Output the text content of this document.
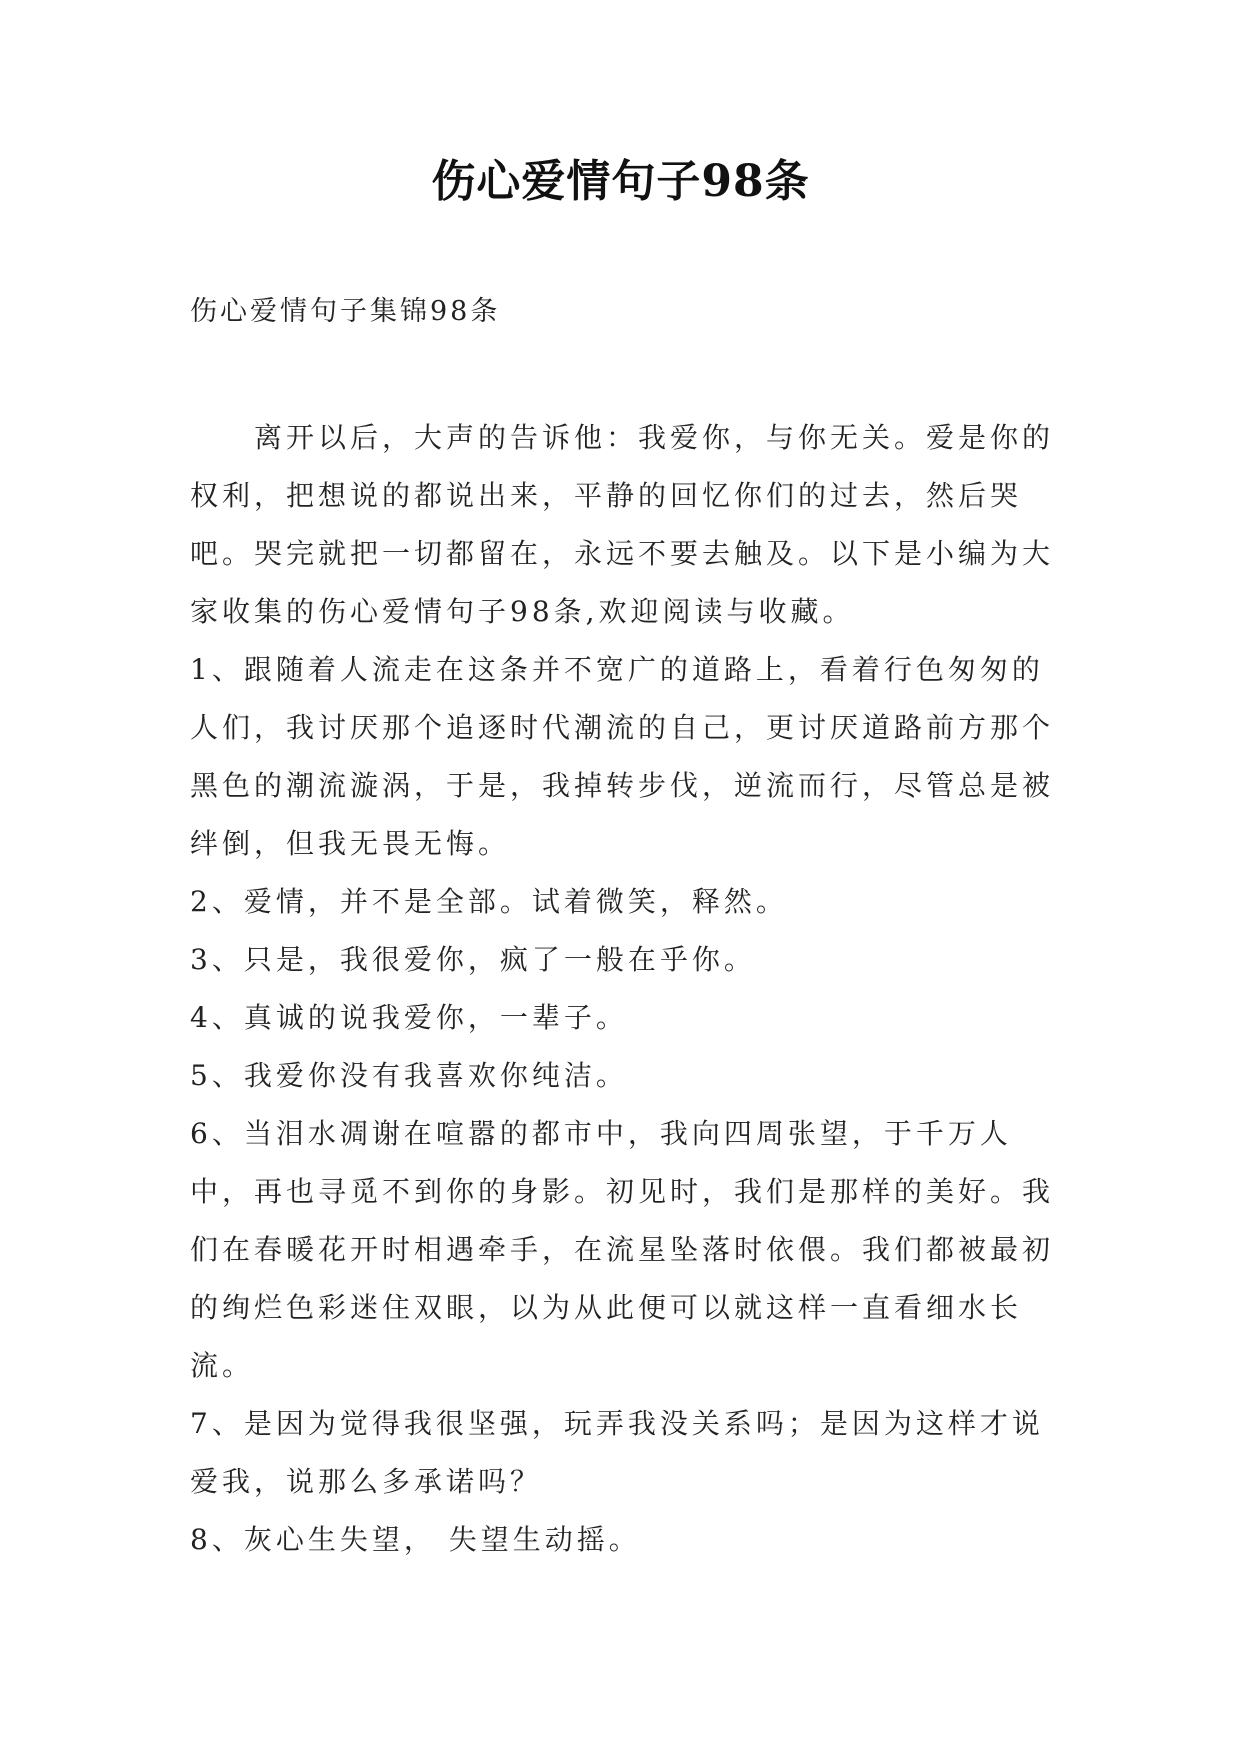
伤心爱情句子98条

伤心爱情句子集锦98条

离开以后，大声的告诉他：我爱你，与你无关。爱是你的权利，把想说的都说出来，平静的回忆你们的过去，然后哭吧。哭完就把一切都留在，永远不要去触及。以下是小编为大家收集的伤心爱情句子98条,欢迎阅读与收藏。

1、跟随着人流走在这条并不宽广的道路上，看着行色匆匆的人们，我讨厌那个追逐时代潮流的自己，更讨厌道路前方那个黑色的潮流漩涡，于是，我掉转步伐，逆流而行，尽管总是被绊倒，但我无畏无悔。

2、爱情，并不是全部。试着微笑，释然。

3、只是，我很爱你，疯了一般在乎你。

4、真诚的说我爱你，一辈子。

5、我爱你没有我喜欢你纯洁。

6、当泪水凋谢在喧嚣的都市中，我向四周张望，于千万人中，再也寻觅不到你的身影。初见时，我们是那样的美好。我们在春暖花开时相遇牵手，在流星坠落时依偎。我们都被最初的绚烂色彩迷住双眼，以为从此便可以就这样一直看细水长流。

7、是因为觉得我很坚强，玩弄我没关系吗；是因为这样才说爱我，说那么多承诺吗？

8、灰心生失望， 失望生动摇。
